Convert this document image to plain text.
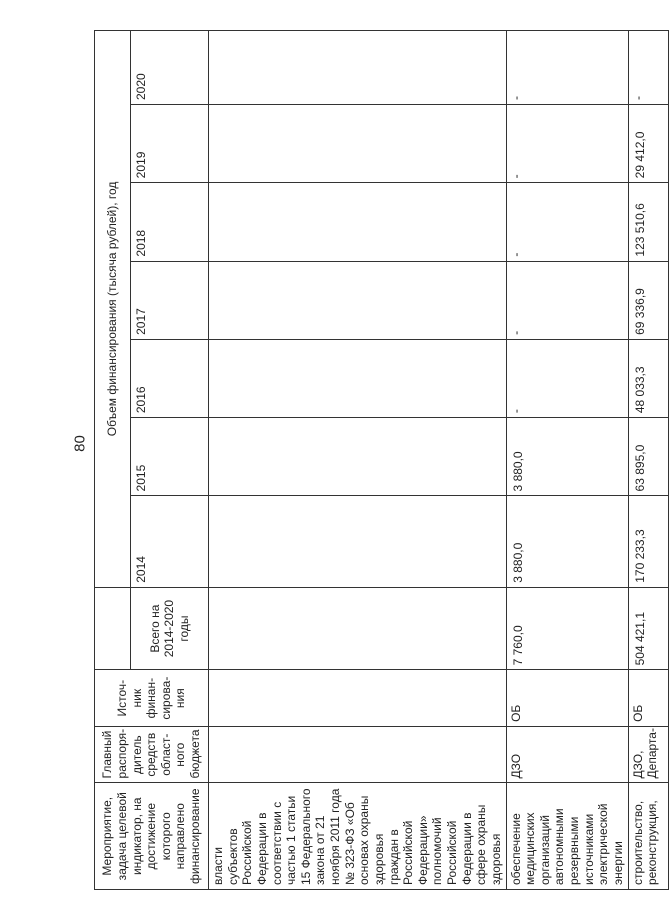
80
Мероприятие, задача целевой индикатор, на достижение которого направлено финансирование	Главный распоря-дитель средств област-ного бюджета	Источ-ник финан-сирова-ния		Объем финансирования (тысяча рублей), год						
			Всего на 2014-2020 годы	2014	2015	2016	2017	2018	2019	2020
власти субъектов Российской Федерации в соответствии с частью 1 статьи 15 Федерального закона от 21 ноября 2011 года № 323-ФЗ «Об основах охраны здоровья граждан в Российской Федерации» полномочий Российской Федерации в сфере охраны здоровья										
обеспечение медицинских организаций автономными резервными источниками электрической энергии	ДЗО	ОБ	7 760,0	3 880,0	3 880,0	-	-	-	-	-
строительство, реконструкция,	ДЗО, Департа-	ОБ	504 421,1	170 233,3	63 895,0	48 033,3	69 336,9	123 510,6	29 412,0	-
